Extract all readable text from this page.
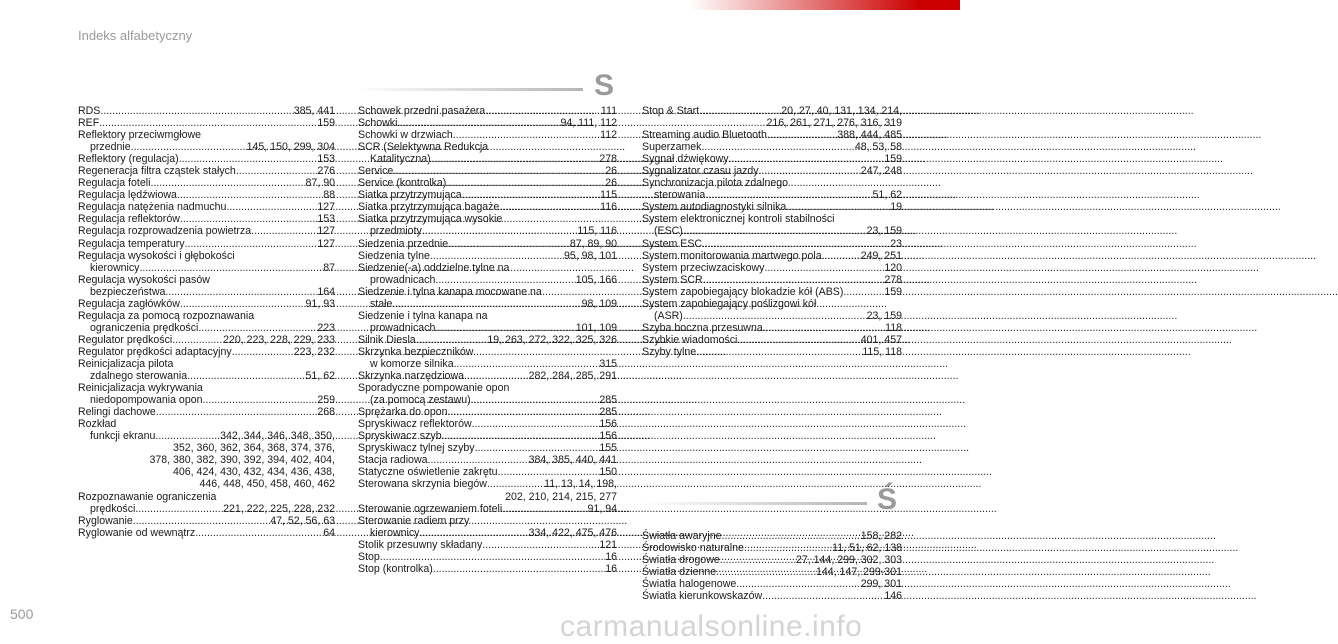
Indeks alfabetyczny
S
Ś
RDS .....	385, 441
REF .....	159
Reflektory przeciwmgłowe
przednie .....	145, 150, 299, 304
Reflektory (regulacja) .....	153
Regeneracja filtra cząstek stałych .....	276
Regulacja foteli .....	87, 90
Regulacja lędźwiowa .....	88
Regulacja natężenia nadmuchu .....	127
Regulacja reflektorów .....	153
Regulacja rozprowadzenia powietrza .....	127
Regulacja temperatury .....	127
Regulacja wysokości i głębokości
kierownicy .....	87
Regulacja wysokości pasów
bezpieczeństwa .....	164
Regulacja zagłówków .....	91, 93
Regulacja za pomocą rozpoznawania
ograniczenia prędkości .....	223
Regulator prędkości .....	220, 223, 228, 229, 233
Regulator prędkości adaptacyjny .....	223, 232
Reinicjalizacja pilota
zdalnego sterowania .....	51, 62
Reinicjalizacja wykrywania
niedopompowania opon .....	259
Relingi dachowe .....	268
Rozkład
funkcji ekranu .....	342, 344, 346, 348, 350,
352, 360, 362, 364, 368, 374, 376,
378, 380, 382, 390, 392, 394, 402, 404,
406, 424, 430, 432, 434, 436, 438,
446, 448, 450, 458, 460, 462
Rozpoznawanie ograniczenia
prędkości .....	221, 222, 225, 228, 232
Ryglowanie .....	47, 52, 56, 63
Ryglowanie od wewnątrz .....	64
Schowek przedni pasażera .....	111
Schowki .....	94, 111, 112
Schowki w drzwiach .....	112
SCR (Selektywna Redukcja
Katalityczna) .....	278
Service .....	26
Service (kontrolka) .....	26
Siatka przytrzymująca .....	115
Siatka przytrzymująca bagaże .....	116
Siatka przytrzymująca wysokie
przedmioty .....	115, 116
Siedzenia przednie .....	87, 89, 90
Siedzenia tylne .....	95, 98, 101
Siedzenie(-a) oddzielne tylne na
prowadnicach .....	105, 166
Siedzenie i tylna kanapa mocowane na
stałe .....	98, 109
Siedzenie i tylna kanapa na
prowadnicach .....	101, 109
Silnik Diesla .....	19, 263, 272, 322, 325, 326
Skrzynka bezpieczników
w komorze silnika .....	315
Skrzynka narzędziowa .....	282, 284, 285, 291
Sporadyczne pompowanie opon
(za pomocą zestawu) .....	285
Sprężarka do opon .....	285
Spryskiwacz reflektorów .....	156
Spryskiwacz szyb .....	156
Spryskiwacz tylnej szyby .....	155
Stacja radiowa .....	384, 385, 440, 441
Statyczne oświetlenie zakrętu .....	150
Sterowana skrzynia biegów .....	11, 13, 14, 198,
202, 210, 214, 215, 277
Sterowanie ogrzewaniem foteli .....	91, 94
Sterowanie radiem przy
kierownicy .....	334, 422, 475, 476
Stolik przesuwny składany .....	121
Stop .....	16
Stop (kontrolka) .....	16
Stop & Start .....	20, 27, 40, 131, 134, 214,
216, 261, 271, 276, 316, 319
Streaming audio Bluetooth .....	388, 444, 485
Superzamek .....	48, 53, 58
Sygnał dźwiękowy .....	159
Sygnalizator czasu jazdy .....	247, 248
Synchronizacja pilota zdalnego
sterowania .....	51, 62
System autodiagnostyki silnika .....	19
System elektronicznej kontroli stabilności
(ESC) .....	23, 159
System ESC .....	23
System monitorowania martwego pola .....	249, 251
System przeciwzaciskowy .....	120
System SCR .....	278
System zapobiegający blokadzie kół (ABS) .....	159
System zapobiegający poślizgowi kół
(ASR) .....	23, 159
Szyba boczna przesuwna .....	118
Szybkie wiadomości .....	401, 457
Szyby tylne .....	115, 118
Światła awaryjne .....	158, 282
Środowisko naturalne .....	11, 51, 62, 138
Światła drogowe .....	27, 144, 299, 302, 303
Światła dzienne .....	144, 147, 299-301
Światła halogenowe .....	299, 301
Światła kierunkowskazów .....	146
500	carmanualsonline.info
